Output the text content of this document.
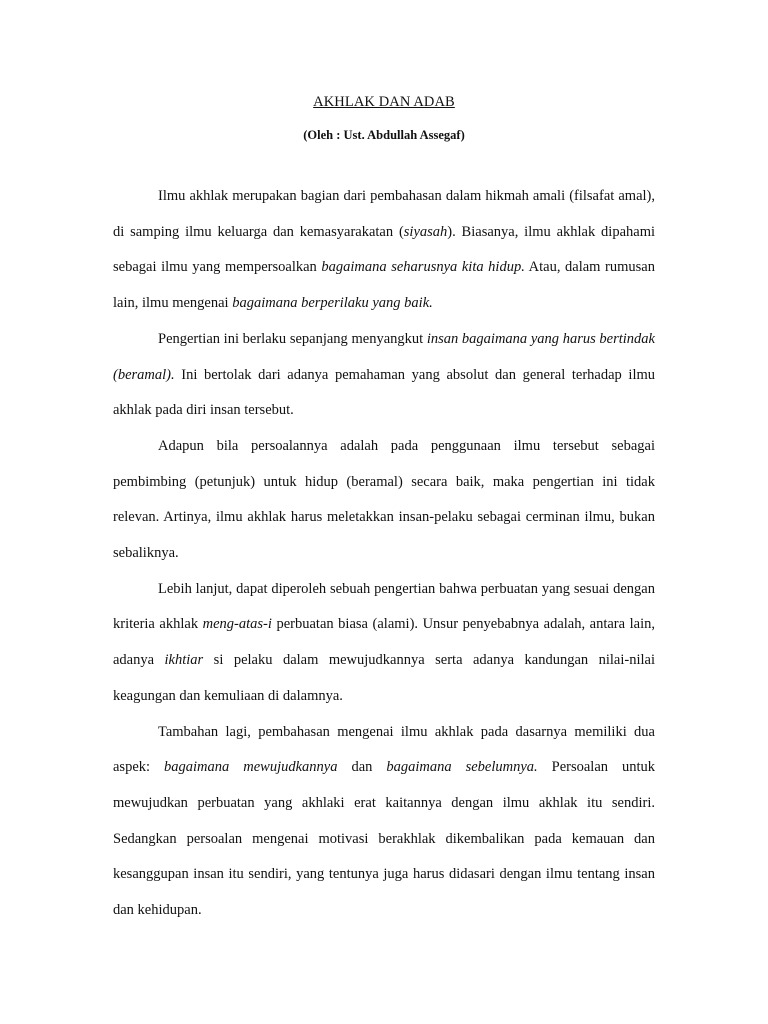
AKHLAK DAN ADAB
(Oleh : Ust. Abdullah Assegaf)

Ilmu akhlak merupakan bagian dari pembahasan dalam hikmah amali (filsafat amal), di samping ilmu keluarga dan kemasyarakatan (siyasah). Biasanya, ilmu akhlak dipahami sebagai ilmu yang mempersoalkan bagaimana seharusnya kita hidup. Atau, dalam rumusan lain, ilmu mengenai bagaimana berperilaku yang baik.

Pengertian ini berlaku sepanjang menyangkut insan bagaimana yang harus bertindak (beramal). Ini bertolak dari adanya pemahaman yang absolut dan general terhadap ilmu akhlak pada diri insan tersebut.

Adapun bila persoalannya adalah pada penggunaan ilmu tersebut sebagai pembimbing (petunjuk) untuk hidup (beramal) secara baik, maka pengertian ini tidak relevan. Artinya, ilmu akhlak harus meletakkan insan-pelaku sebagai cerminan ilmu, bukan sebaliknya.

Lebih lanjut, dapat diperoleh sebuah pengertian bahwa perbuatan yang sesuai dengan kriteria akhlak meng-atas-i perbuatan biasa (alami). Unsur penyebabnya adalah, antara lain, adanya ikhtiar si pelaku dalam mewujudkannya serta adanya kandungan nilai-nilai keagungan dan kemuliaan di dalamnya.

Tambahan lagi, pembahasan mengenai ilmu akhlak pada dasarnya memiliki dua aspek: bagaimana mewujudkannya dan bagaimana sebelumnya. Persoalan untuk mewujudkan perbuatan yang akhlaki erat kaitannya dengan ilmu akhlak itu sendiri. Sedangkan persoalan mengenai motivasi berakhlak dikembalikan pada kemauan dan kesanggupan insan itu sendiri, yang tentunya juga harus didasari dengan ilmu tentang insan dan kehidupan.
